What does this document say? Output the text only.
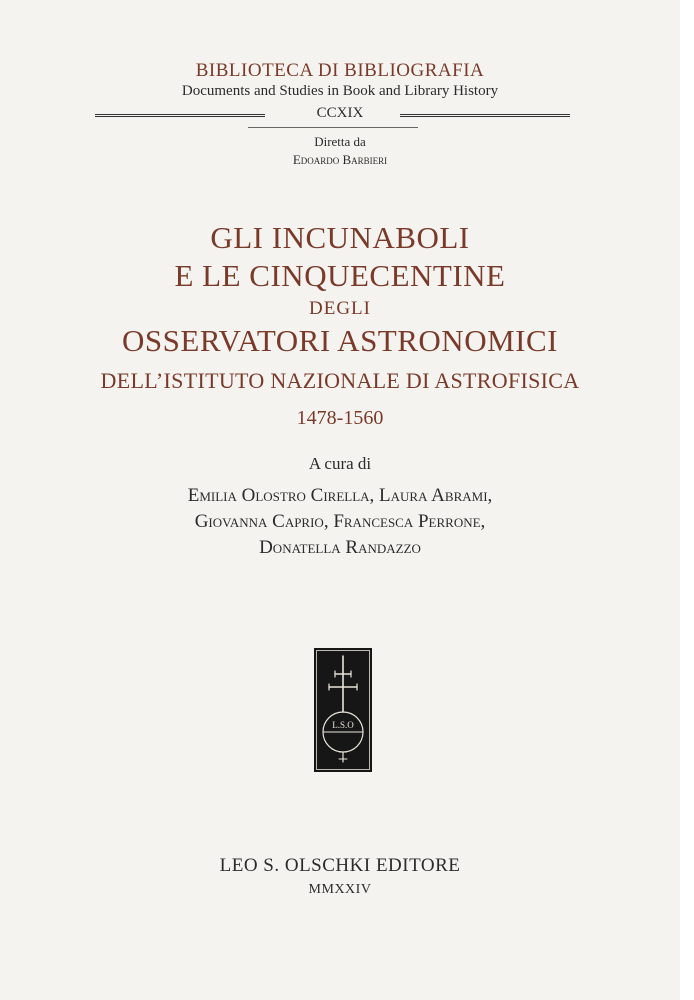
BIBLIOTECA DI BIBLIOGRAFIA
Documents and Studies in Book and Library History
CCXIX
Diretta da
Edoardo Barbieri
GLI INCUNABOLI
E LE CINQUECENTINE
DEGLI
OSSERVATORI ASTRONOMICI
DELL’ISTITUTO NAZIONALE DI ASTROFISICA
1478-1560
A cura di
Emilia Olostro Cirella, Laura Abrami,
Giovanna Caprio, Francesca Perrone,
Donatella Randazzo
L.S.O
LEO S. OLSCHKI EDITORE
MMXXIV
